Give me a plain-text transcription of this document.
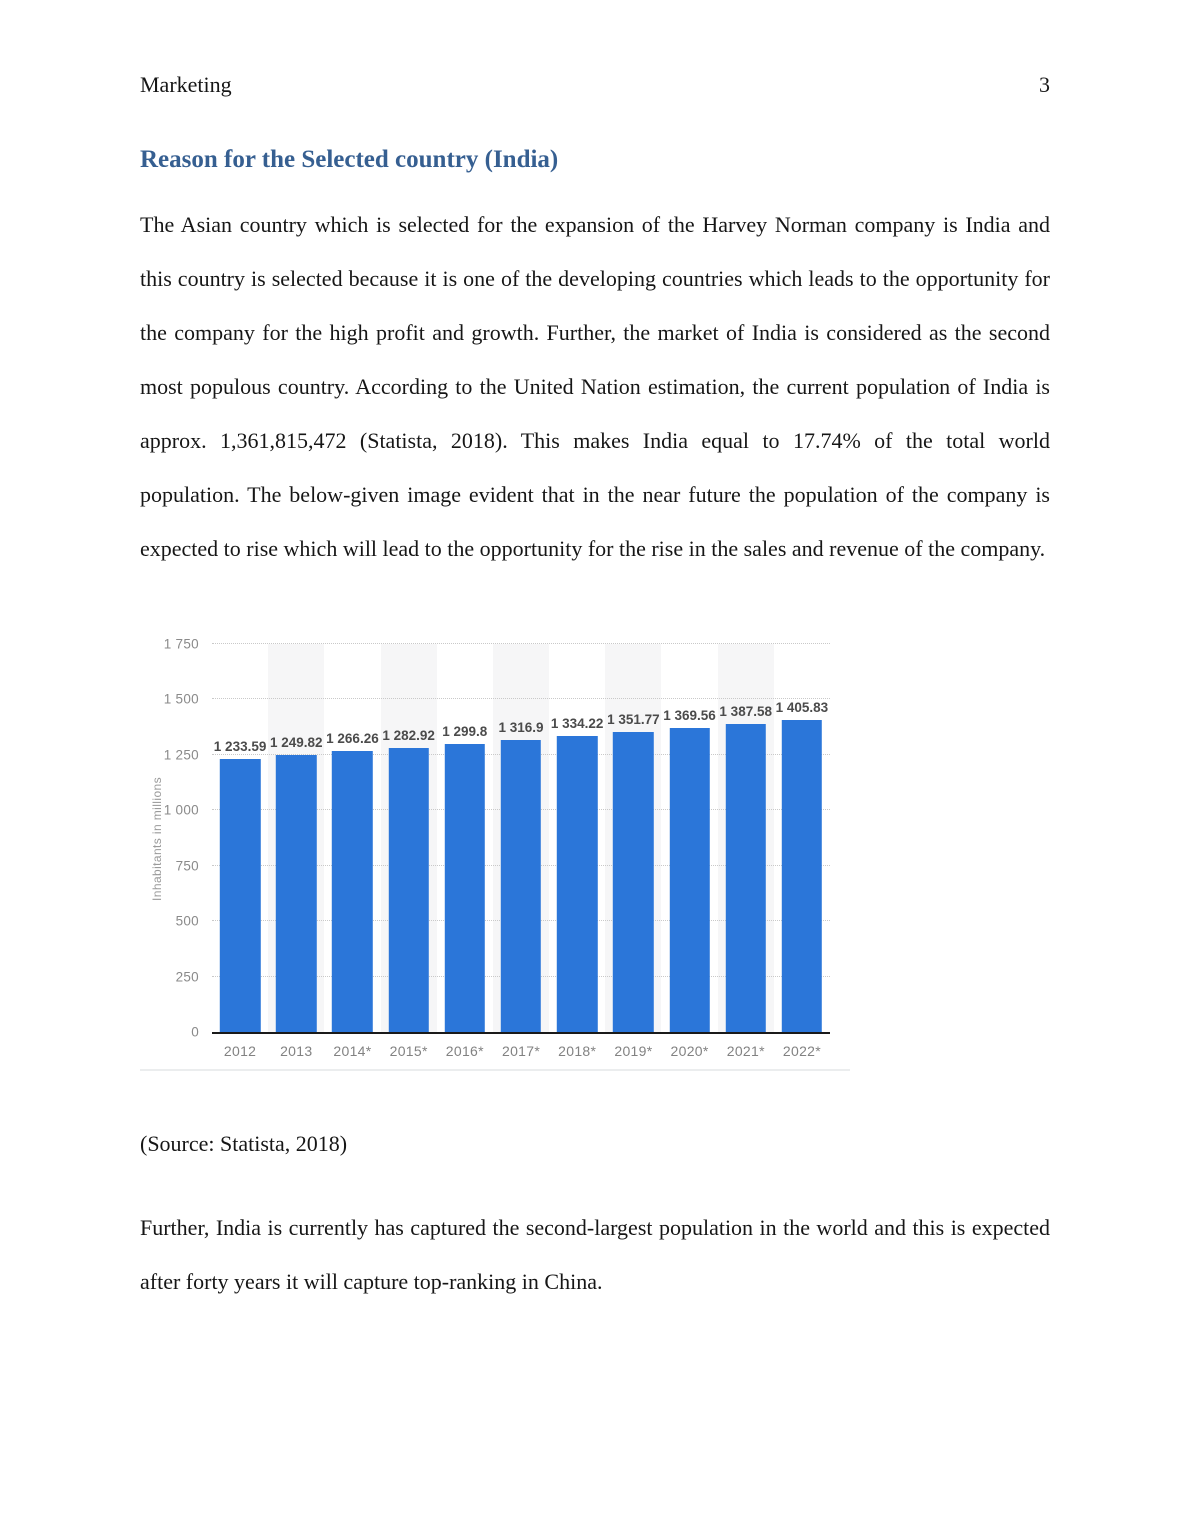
Marketing	3
Reason for the Selected country (India)

The Asian country which is selected for the expansion of the Harvey Norman company is India and this country is selected because it is one of the developing countries which leads to the opportunity for the company for the high profit and growth. Further, the market of India is considered as the second most populous country. According to the United Nation estimation, the current population of India is approx. 1,361,815,472 (Statista, 2018). This makes India equal to 17.74% of the total world population. The below-given image evident that in the near future the population of the company is expected to rise which will lead to the opportunity for the rise in the sales and revenue of the company.

Inhabitants in millions
0
250
500
750
1 000
1 250
1 500
1 750
1 233.59 1 249.82 1 266.26 1 282.92 1 299.8 1 316.9 1 334.22 1 351.77 1 369.56 1 387.58 1 405.83
2012	2013	2014*	2015*	2016*	2017*	2018*	2019*	2020*	2021*	2022*

(Source: Statista, 2018)

Further, India is currently has captured the second-largest population in the world and this is expected after forty years it will capture top-ranking in China.
